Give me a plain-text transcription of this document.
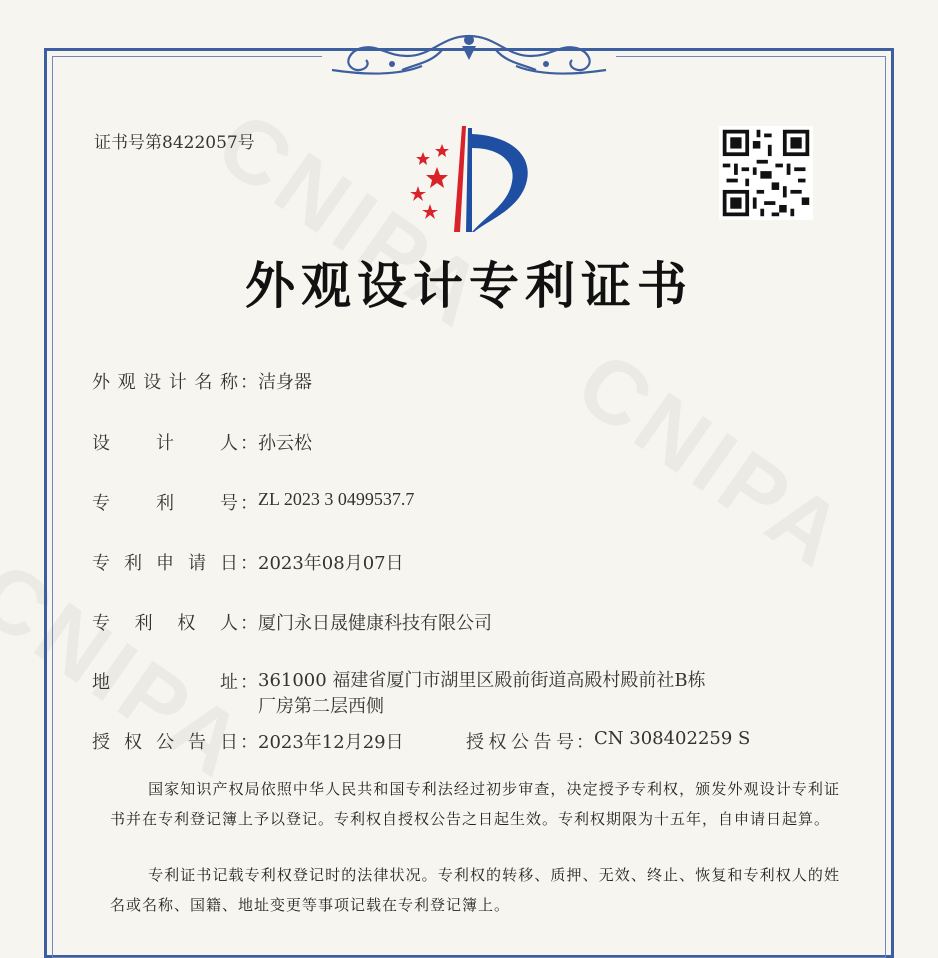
证书号第8422057号
外观设计专利证书
外观设计名称 ： 洁身器
设计人 ： 孙云松
专利号 ： ZL 2023 3 0499537.7
专利申请日 ： 2023年08月07日
专利权人 ： 厦门永日晟健康科技有限公司
地址 ： 361000 福建省厦门市湖里区殿前街道高殿村殿前社B栋
厂房第二层西侧
授权公告日 ： 2023年12月29日	授权公告号 ： CN 308402259 S
国家知识产权局依照中华人民共和国专利法经过初步审查，决定授予专利权，颁发外观设计专利证书并在专利登记簿上予以登记。专利权自授权公告之日起生效。专利权期限为十五年，自申请日起算。
专利证书记载专利权登记时的法律状况。专利权的转移、质押、无效、终止、恢复和专利权人的姓名或名称、国籍、地址变更等事项记载在专利登记簿上。
